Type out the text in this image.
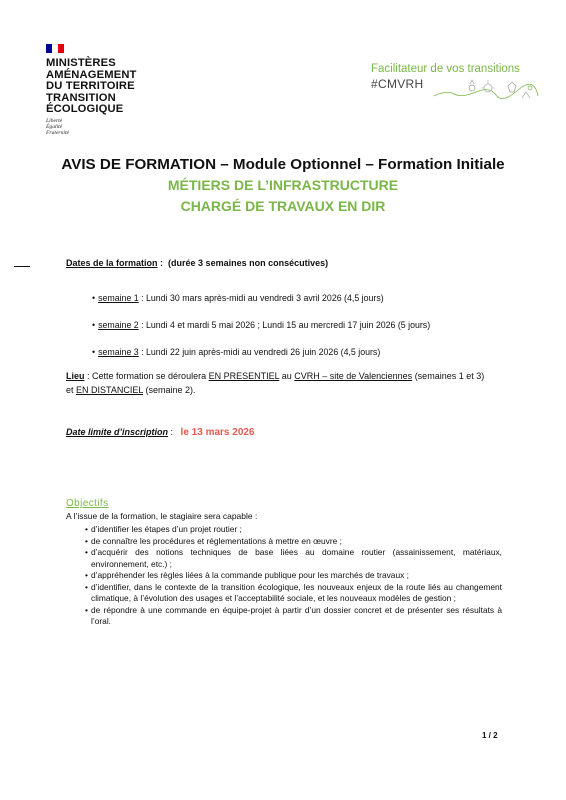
MINISTÈRES
AMÉNAGEMENT
DU TERRITOIRE
TRANSITION
ÉCOLOGIQUE
Liberté
Égalité
Fraternité
Facilitateur de vos transitions
#CMVRH
AVIS DE FORMATION – Module Optionnel – Formation Initiale
MÉTIERS DE L’INFRASTRUCTURE
CHARGÉ DE TRAVAUX EN DIR
Dates de la formation :  (durée 3 semaines non consécutives)
• semaine 1 : Lundi 30 mars après-midi au vendredi 3 avril 2026 (4,5 jours)
• semaine 2 : Lundi 4 et mardi 5 mai 2026 ; Lundi 15 au mercredi 17 juin 2026 (5 jours)
• semaine 3 : Lundi 22 juin après-midi au vendredi 26 juin 2026 (4,5 jours)
Lieu : Cette formation se déroulera EN PRESENTIEL au CVRH – site de Valenciennes (semaines 1 et 3)
et EN DISTANCIEL (semaine 2).
Date limite d’inscription : le 13 mars 2026
Objectifs
A l’issue de la formation, le stagiaire sera capable :
• d’identifier les étapes d’un projet routier ;
• de connaître les procédures et réglementations à mettre en œuvre ;
• d’acquérir des notions techniques de base liées au domaine routier (assainissement, matériaux, environnement, etc.) ;
• d’appréhender les règles liées à la commande publique pour les marchés de travaux ;
• d’identifier, dans le contexte de la transition écologique, les nouveaux enjeux de la route liés au changement climatique, à l’évolution des usages et l’acceptabilité sociale, et les nouveaux modèles de gestion ;
• de répondre à une commande en équipe-projet à partir d’un dossier concret et de présenter ses résultats à l’oral.
1 / 2
